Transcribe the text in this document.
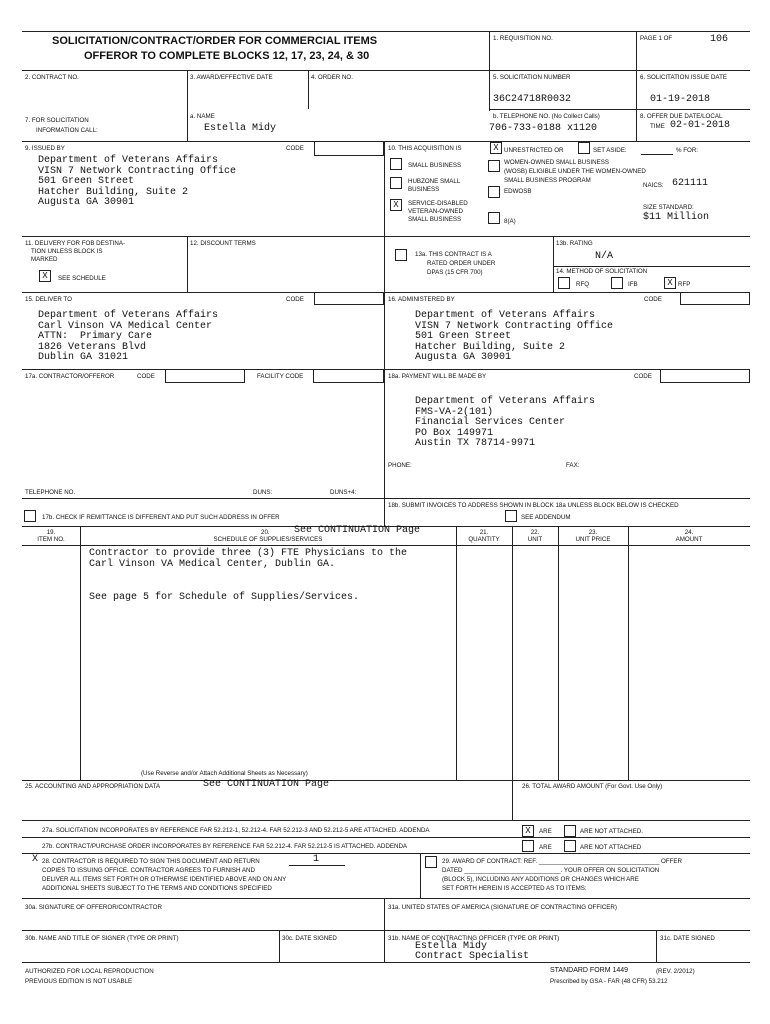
SOLICITATION/CONTRACT/ORDER FOR COMMERCIAL ITEMS
OFFEROR TO COMPLETE BLOCKS 12, 17, 23, 24, & 30
1. REQUISITION NO.	PAGE 1 OF	106
2. CONTRACT NO.	3. AWARD/EFFECTIVE DATE	4. ORDER NO.	5. SOLICITATION NUMBER
36C24718R0032
6. SOLICITATION ISSUE DATE
01-19-2018
7. FOR SOLICITATION
INFORMATION CALL:
a. NAME
Estella Midy
b. TELEPHONE NO. (No Collect Calls)
706-733-0188 x1120
8. OFFER DUE DATE/LOCAL
TIME 02-01-2018
9. ISSUED BY	CODE
Department of Veterans Affairs
VISN 7 Network Contracting Office
501 Green Street
Hatcher Building, Suite 2
Augusta GA 30901
10. THIS ACQUISITION IS	X UNRESTRICTED OR	SET ASIDE:	% FOR:
SMALL BUSINESS
HUBZONE SMALL
BUSINESS
X	SERVICE-DISABLED
VETERAN-OWNED
SMALL BUSINESS
WOMEN-OWNED SMALL BUSINESS
(WOSB) ELIGIBLE UNDER THE WOMEN-OWNED
SMALL BUSINESS PROGRAM
EDWOSB
8(A)
NAICS: 621111
SIZE STANDARD:
$11 Million
11. DELIVERY FOR FOB DESTINA-
TION UNLESS BLOCK IS
MARKED
X	SEE SCHEDULE
12. DISCOUNT TERMS
13a. THIS CONTRACT IS A
RATED ORDER UNDER
DPAS (15 CFR 700)
13b. RATING
N/A
14. METHOD OF SOLICITATION
RFQ	IFB	X RFP
15. DELIVER TO	CODE
Department of Veterans Affairs
Carl Vinson VA Medical Center
ATTN:  Primary Care
1826 Veterans Blvd
Dublin GA 31021
16. ADMINISTERED BY	CODE
Department of Veterans Affairs
VISN 7 Network Contracting Office
501 Green Street
Hatcher Building, Suite 2
Augusta GA 30901
17a. CONTRACTOR/OFFEROR	CODE	FACILITY CODE
TELEPHONE NO.	DUNS:	DUNS+4:
17b. CHECK IF REMITTANCE IS DIFFERENT AND PUT SUCH ADDRESS IN OFFER
18a. PAYMENT WILL BE MADE BY	CODE
Department of Veterans Affairs
FMS-VA-2(101)
Financial Services Center
PO Box 149971
Austin TX 78714-9971
PHONE:	FAX:
18b. SUBMIT INVOICES TO ADDRESS SHOWN IN BLOCK 18a UNLESS BLOCK BELOW IS CHECKED
SEE ADDENDUM
19.
ITEM NO.
20. See CONTINUATION Page
SCHEDULE OF SUPPLIES/SERVICES
21.
QUANTITY
22.
UNIT
23.
UNIT PRICE
24.
AMOUNT
Contractor to provide three (3) FTE Physicians to the
Carl Vinson VA Medical Center, Dublin GA.
See page 5 for Schedule of Supplies/Services.
(Use Reverse and/or Attach Additional Sheets as Necessary)
25. ACCOUNTING AND APPROPRIATION DATA	See CONTINUATION Page	26. TOTAL AWARD AMOUNT (For Govt. Use Only)
27a. SOLICITATION INCORPORATES BY REFERENCE FAR 52.212-1, 52.212-4. FAR 52.212-3 AND 52.212-5 ARE ATTACHED. ADDENDA	X	ARE	ARE NOT ATTACHED.
27b. CONTRACT/PURCHASE ORDER INCORPORATES BY REFERENCE FAR 52.212-4. FAR 52.212-5 IS ATTACHED. ADDENDA	ARE	ARE NOT ATTACHED
X 28. CONTRACTOR IS REQUIRED TO SIGN THIS DOCUMENT AND RETURN	1
COPIES TO ISSUING OFFICE. CONTRACTOR AGREES TO FURNISH AND
DELIVER ALL ITEMS SET FORTH OR OTHERWISE IDENTIFIED ABOVE AND ON ANY
ADDITIONAL SHEETS SUBJECT TO THE TERMS AND CONDITIONS SPECIFIED
29. AWARD OF CONTRACT: REF. ___________________________________ OFFER
DATED ____________________________. YOUR OFFER ON SOLICITATION
(BLOCK 5), INCLUDING ANY ADDITIONS OR CHANGES WHICH ARE
SET FORTH HEREIN IS ACCEPTED AS TO ITEMS:
30a. SIGNATURE OF OFFEROR/CONTRACTOR	31a. UNITED STATES OF AMERICA (SIGNATURE OF CONTRACTING OFFICER)
30b. NAME AND TITLE OF SIGNER (TYPE OR PRINT)	30c. DATE SIGNED	31b. NAME OF CONTRACTING OFFICER (TYPE OR PRINT)
Estella Midy
Contract Specialist
31c. DATE SIGNED
AUTHORIZED FOR LOCAL REPRODUCTION
PREVIOUS EDITION IS NOT USABLE
STANDARD FORM 1449	(REV. 2/2012)
Prescribed by GSA - FAR (48 CFR) 53.212
